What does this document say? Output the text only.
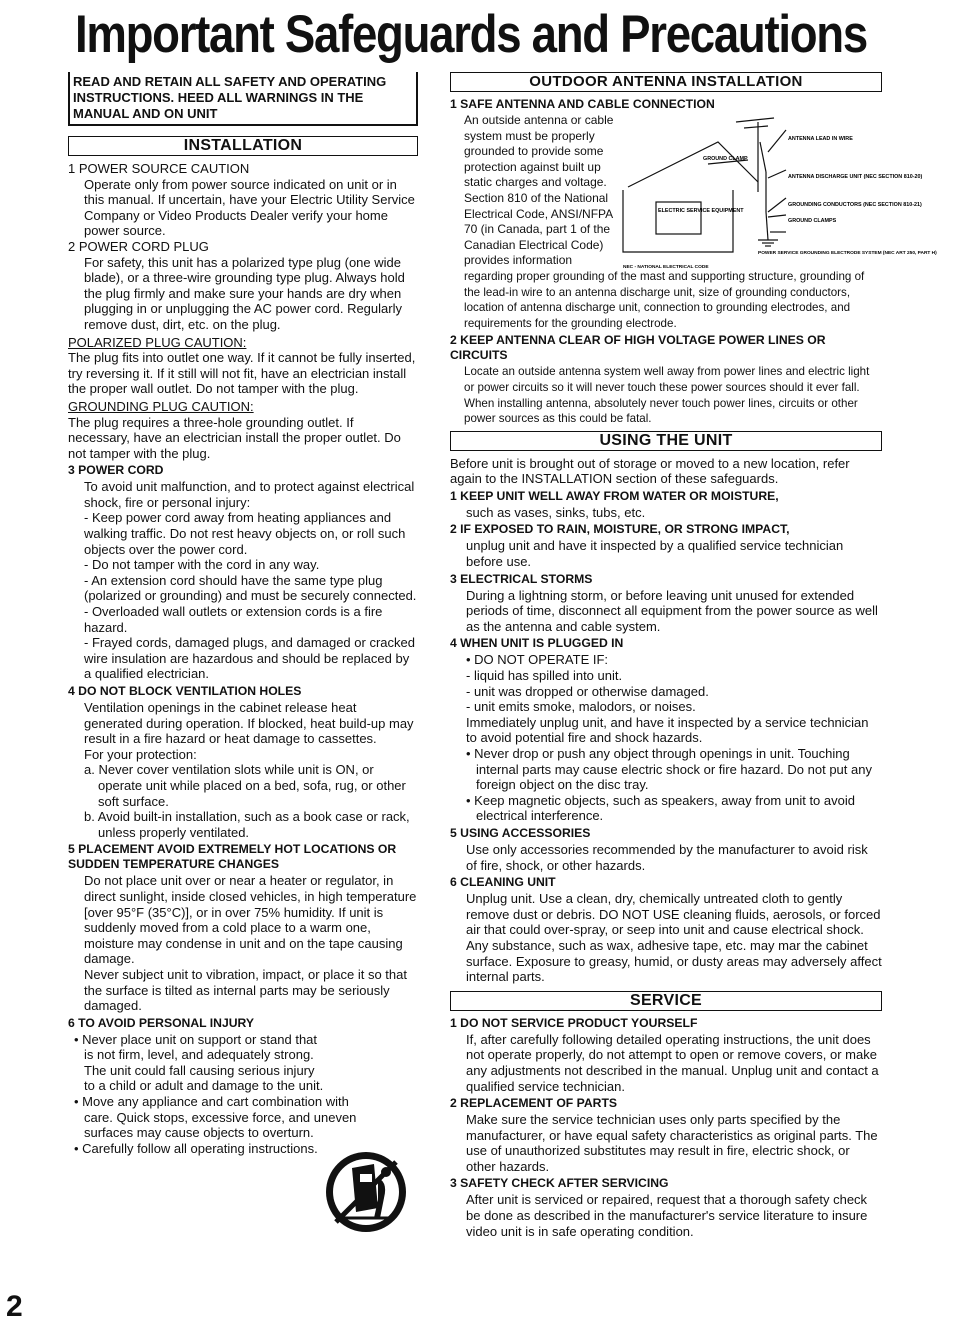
Important Safeguards and Precautions
READ AND RETAIN ALL SAFETY AND OPERATING INSTRUCTIONS. HEED ALL WARNINGS IN THE MANUAL AND ON UNIT
INSTALLATION

1 POWER SOURCE CAUTION

Operate only from power source indicated on unit or in this manual. If uncertain, have your Electric Utility Service Company or Video Products Dealer verify your home power source.

2 POWER CORD PLUG

For safety, this unit has a polarized type plug (one wide blade), or a three-wire grounding type plug. Always hold the plug firmly and make sure your hands are dry when plugging in or unplugging the AC power cord. Regularly remove dust, dirt, etc. on the plug.

POLARIZED PLUG CAUTION:

The plug fits into outlet one way. If it cannot be fully inserted, try reversing it. If it still will not fit, have an electrician install the proper wall outlet. Do not tamper with the plug.

GROUNDING PLUG CAUTION:

The plug requires a three-hole grounding outlet. If necessary, have an electrician install the proper outlet. Do not tamper with the plug.

3 POWER CORD

To avoid unit malfunction, and to protect against electrical shock, fire or personal injury:

- Keep power cord away from heating appliances and walking traffic. Do not rest heavy objects on, or roll such objects over the power cord.

- Do not tamper with the cord in any way.

- An extension cord should have the same type plug (polarized or grounding) and must be securely connected.

- Overloaded wall outlets or extension cords is a fire hazard.

- Frayed cords, damaged plugs, and damaged or cracked wire insulation are hazardous and should be replaced by a qualified electrician.

4 DO NOT BLOCK VENTILATION HOLES

Ventilation openings in the cabinet release heat generated during operation. If blocked, heat build-up may result in a fire hazard or heat damage to cassettes.

For your protection:

a. Never cover ventilation slots while unit is ON, or operate unit while placed on a bed, sofa, rug, or other soft surface.

b. Avoid built-in installation, such as a book case or rack, unless properly ventilated.

5 PLACEMENT AVOID EXTREMELY HOT LOCATIONS OR SUDDEN TEMPERATURE CHANGES

Do not place unit over or near a heater or regulator, in direct sunlight, inside closed vehicles, in high temperature [over 95°F (35°C)], or in over 75% humidity. If unit is suddenly moved from a cold place to a warm one, moisture may condense in unit and on the tape causing damage.

Never subject unit to vibration, impact, or place it so that the surface is tilted as internal parts may be seriously damaged.

6 TO AVOID PERSONAL INJURY

• Never place unit on support or stand that is not firm, level, and adequately strong. The unit could fall causing serious injury to a child or adult and damage to the unit.

• Move any appliance and cart combination with care. Quick stops, excessive force, and uneven surfaces may cause objects to overturn.

• Carefully follow all operating instructions.

OUTDOOR ANTENNA INSTALLATION

1 SAFE ANTENNA AND CABLE CONNECTION

An outside antenna or cable system must be properly grounded to provide some protection against built up static charges and voltage. Section 810 of the National Electrical Code, ANSI/NFPA 70 (in Canada, part 1 of the Canadian Electrical Code) provides information

regarding proper grounding of the mast and supporting structure, grounding of the lead-in wire to an antenna discharge unit, size of grounding conductors, location of antenna discharge unit, connection to grounding electrodes, and requirements for the grounding electrode.

2 KEEP ANTENNA CLEAR OF HIGH VOLTAGE POWER LINES OR CIRCUITS

Locate an outside antenna system well away from power lines and electric light or power circuits so it will never touch these power sources should it ever fall. When installing antenna, absolutely never touch power lines, circuits or other power sources as this could be fatal.

USING THE UNIT

Before unit is brought out of storage or moved to a new location, refer again to the INSTALLATION section of these safeguards.

1 KEEP UNIT WELL AWAY FROM WATER OR MOISTURE,

such as vases, sinks, tubs, etc.

2 IF EXPOSED TO RAIN, MOISTURE, OR STRONG IMPACT,

unplug unit and have it inspected by a qualified service technician before use.

3 ELECTRICAL STORMS

During a lightning storm, or before leaving unit unused for extended periods of time, disconnect all equipment from the power source as well as the antenna and cable system.

4 WHEN UNIT IS PLUGGED IN

• DO NOT OPERATE IF:

- liquid has spilled into unit.

- unit was dropped or otherwise damaged.

- unit emits smoke, malodors, or noises.

Immediately unplug unit, and have it inspected by a service technician to avoid potential fire and shock hazards.

• Never drop or push any object through openings in unit. Touching internal parts may cause electric shock or fire hazard. Do not put any foreign object on the disc tray.

• Keep magnetic objects, such as speakers, away from unit to avoid electrical interference.

5 USING ACCESSORIES

Use only accessories recommended by the manufacturer to avoid risk of fire, shock, or other hazards.

6 CLEANING UNIT

Unplug unit. Use a clean, dry, chemically untreated cloth to gently remove dust or debris. DO NOT USE cleaning fluids, aerosols, or forced air that could over-spray, or seep into unit and cause electrical shock. Any substance, such as wax, adhesive tape, etc. may mar the cabinet surface. Exposure to greasy, humid, or dusty areas may adversely affect internal parts.

SERVICE

1 DO NOT SERVICE PRODUCT YOURSELF

If, after carefully following detailed operating instructions, the unit does not operate properly, do not attempt to open or remove covers, or make any adjustments not described in the manual. Unplug unit and contact a qualified service technician.

2 REPLACEMENT OF PARTS

Make sure the service technician uses only parts specified by the manufacturer, or have equal safety characteristics as original parts. The use of unauthorized substitutes may result in fire, electric shock, or other hazards.

3 SAFETY CHECK AFTER SERVICING

After unit is serviced or repaired, request that a thorough safety check be done as described in the manufacturer's service literature to insure video unit is in safe operating condition.

ANTENNA LEAD IN WIRE
GROUND CLAMP
ELECTRIC SERVICE EQUIPMENT
ANTENNA DISCHARGE UNIT (NEC SECTION 810-20)
GROUNDING CONDUCTORS (NEC SECTION 810-21)
GROUND CLAMPS
POWER SERVICE GROUNDING ELECTRODE SYSTEM (NEC ART 250, PART H)
NEC - NATIONAL ELECTRICAL CODE
2
